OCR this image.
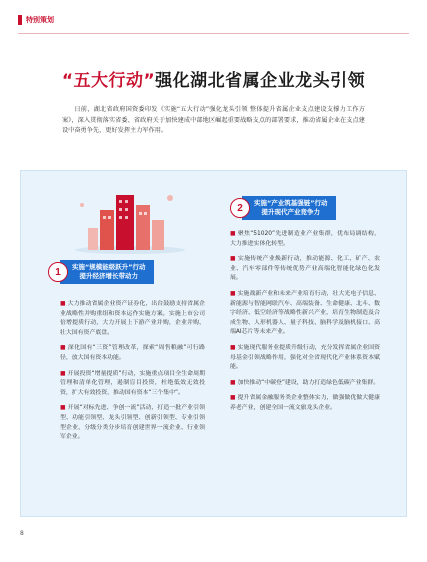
特别策划
“五大行动”强化湖北省属企业龙头引领
日前，湖北省政府国资委印发《实施“五大行动”强化龙头引领 整体提升省属企业支点建设支撑力工作方案》，深入贯彻落实省委、省政府关于加快建成中部地区崛起重要战略支点的部署要求，推动省属企业在支点建设中奋勇争先，更好发挥主力军作用。
1	实施“规模能级跃升”行动
提升经济增长带动力

■ 大力推动省属企业资产证券化，出台鼓励支持省属企业战略性并购重组和资本运作实施方案，实施上市公司倍增提质行动，大力开展上下游产业并购，企业并购，壮大国有资产底盘。

■ 深化国有“三资”管理改革，探索“周售粮融”可行路径，放大国有资本功能。

■ 开展投资“增量提质”行动，实施重点项目全生命周期管理和清单化管理，遏制盲目投资，杜绝低效无效投资，扩大有效投资，推动国有资本“三个集中”。

■ 开展“对标先进、争创一流”活动，打造一批产业引领型、功能引领型、龙头引领型、创新引领型、专业引领型企业，分级分类分步培育创建世界一流企业、行业领军企业。

2	实施“产业筑基强链”行动
提升现代产业竞争力

■ 聚焦“51020”先进制造业产业集群，优布局调结构，大力推进实体化转型。

■ 实施传统产业焕新行动，推动能源、化工、矿产、农业、汽车零部件等传统优势产业高端化智能化绿色化发展。

■ 实施战新产业和未来产业培育行动，壮大光电子信息、新能源与智能网联汽车、高端装备、生命健康、北斗、数字经济、低空经济等战略性新兴产业，培育生物制造及合成生物、人形机器人、量子科技、脑科学及脑机接口、高端AI芯片等未来产业。

■ 实施现代服务业提质升级行动，充分发挥省属企业国资母基金引领战略作用，强化对全省现代化产业体系资本赋能。

■ 加快推动“中碳登”建设，助力打造绿色低碳产业集群。

■ 提升省属金融服务类企业整体实力，做强做优做大健康养老产业，创建全国一流文旅龙头企业。

8
